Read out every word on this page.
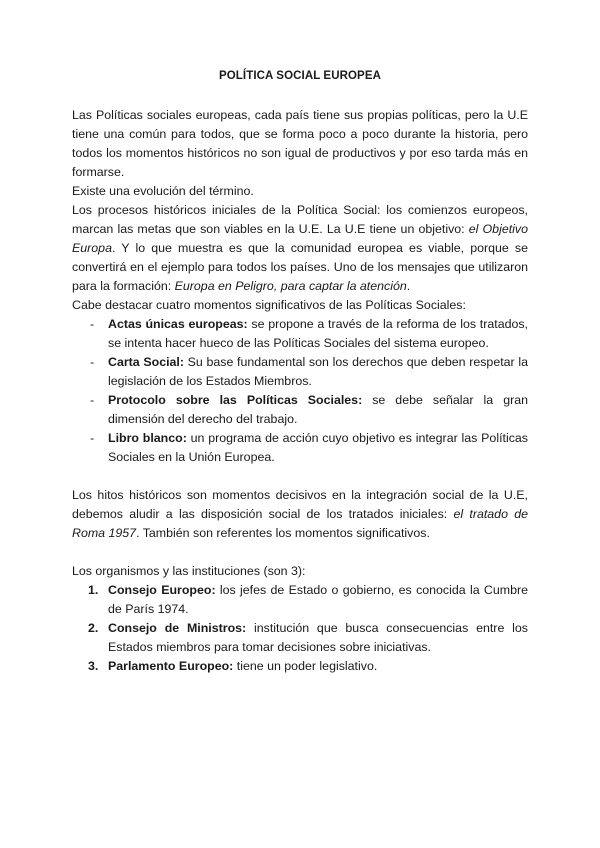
POLÍTICA SOCIAL EUROPEA

Las Políticas sociales europeas, cada país tiene sus propias políticas, pero la U.E tiene una común para todos, que se forma poco a poco durante la historia, pero todos los momentos históricos no son igual de productivos y por eso tarda más en formarse.

Existe una evolución del término.

Los procesos históricos iniciales de la Política Social: los comienzos europeos, marcan las metas que son viables en la U.E. La U.E tiene un objetivo: el Objetivo Europa. Y lo que muestra es que la comunidad europea es viable, porque se convertirá en el ejemplo para todos los países. Uno de los mensajes que utilizaron para la formación: Europa en Peligro, para captar la atención.

Cabe destacar cuatro momentos significativos de las Políticas Sociales:

- Actas únicas europeas: se propone a través de la reforma de los tratados, se intenta hacer hueco de las Políticas Sociales del sistema europeo.
- Carta Social: Su base fundamental son los derechos que deben respetar la legislación de los Estados Miembros.
- Protocolo sobre las Políticas Sociales: se debe señalar la gran dimensión del derecho del trabajo.
- Libro blanco: un programa de acción cuyo objetivo es integrar las Políticas Sociales en la Unión Europea.

Los hitos históricos son momentos decisivos en la integración social de la U.E, debemos aludir a las disposición social de los tratados iniciales: el tratado de Roma 1957. También son referentes los momentos significativos.

Los organismos y las instituciones (son 3):

1. Consejo Europeo: los jefes de Estado o gobierno, es conocida la Cumbre de París 1974.
2. Consejo de Ministros: institución que busca consecuencias entre los Estados miembros para tomar decisiones sobre iniciativas.
3. Parlamento Europeo: tiene un poder legislativo.
